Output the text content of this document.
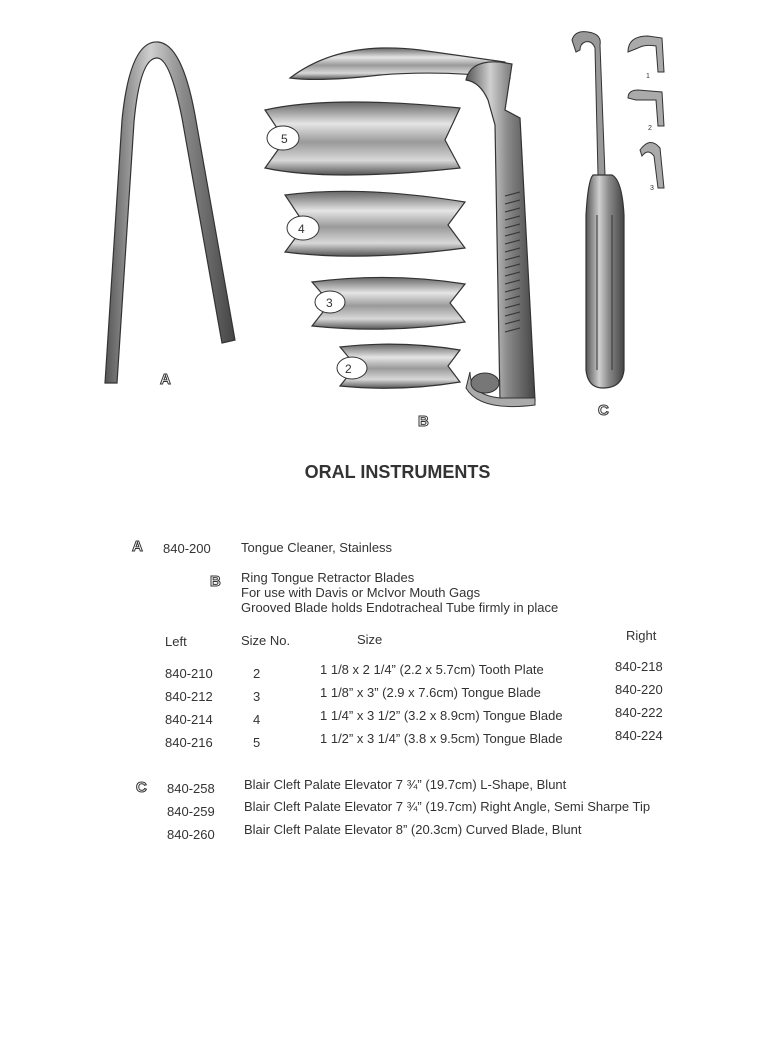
5
4
3
2
1
2
3
A
B
C
ORAL INSTRUMENTS
A 840-200 Tongue Cleaner, Stainless
B Ring Tongue Retractor Blades
For use with Davis or McIvor Mouth Gags
Grooved Blade holds Endotracheal Tube firmly in place
Left	Size No.	Size	Right
840-210	2	1 1/8 x 2 1/4” (2.2 x 5.7cm) Tooth Plate	840-218
840-212	3	1 1/8” x 3” (2.9 x 7.6cm) Tongue Blade	840-220
840-214	4	1 1/4” x 3 1/2” (3.2 x 8.9cm) Tongue Blade	840-222
840-216	5	1 1/2” x 3 1/4” (3.8 x 9.5cm) Tongue Blade	840-224
C 840-258 Blair Cleft Palate Elevator 7 ¾” (19.7cm) L-Shape, Blunt
840-259 Blair Cleft Palate Elevator 7 ¾” (19.7cm) Right Angle, Semi Sharpe Tip
840-260 Blair Cleft Palate Elevator 8” (20.3cm) Curved Blade, Blunt
